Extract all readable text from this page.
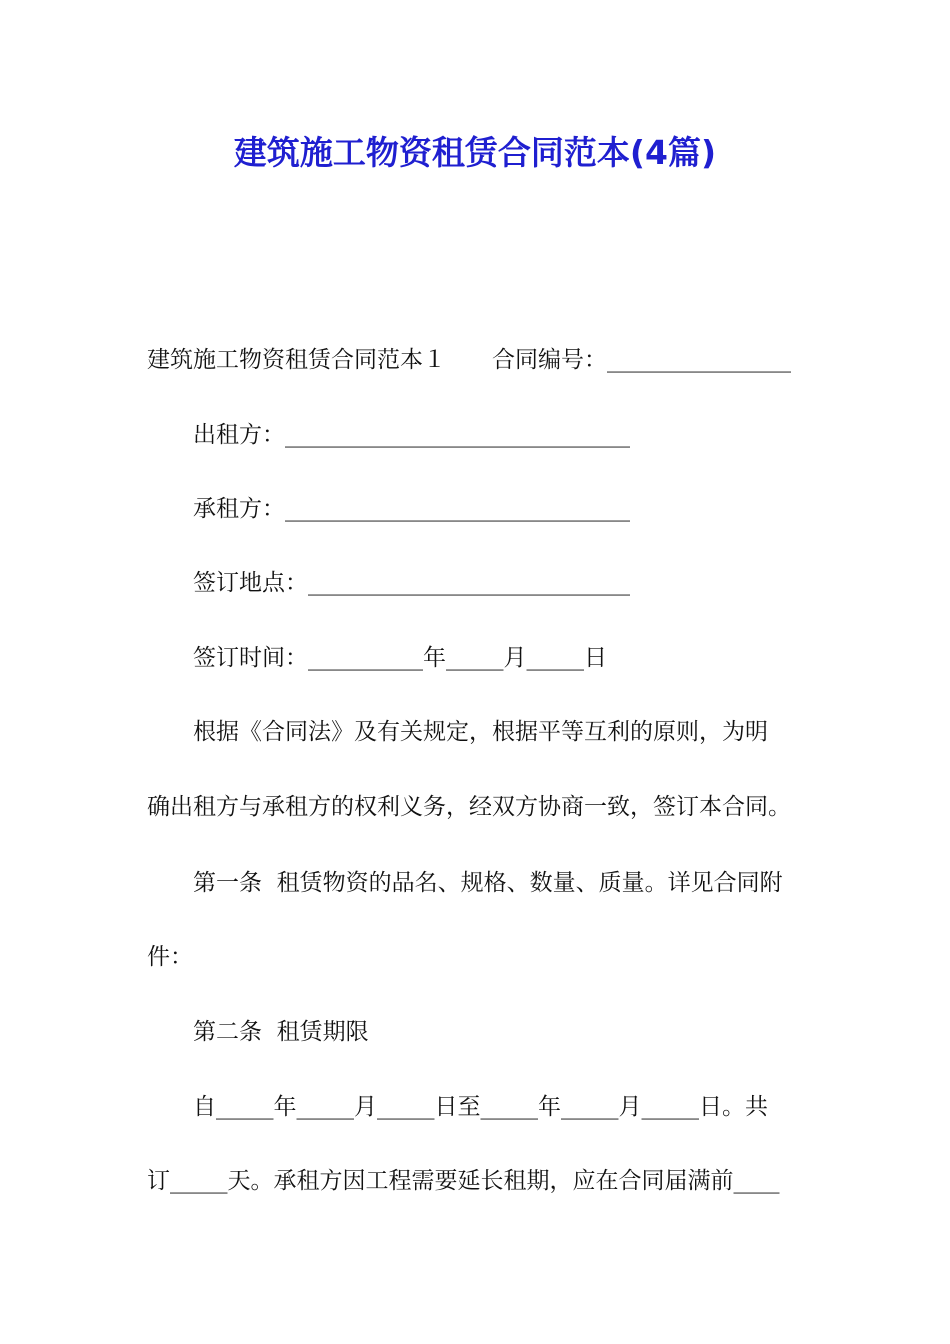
建筑施工物资租赁合同范本(4篇)
建筑施工物资租赁合同范本１　　合同编号：________________
出租方：______________________________
承租方：______________________________
签订地点：____________________________
签订时间：__________年_____月_____日
根据《合同法》及有关规定，根据平等互利的原则，为明
确出租方与承租方的权利义务，经双方协商一致，签订本合同。
第一条  租赁物资的品名、规格、数量、质量。详见合同附
件：
第二条  租赁期限
自_____年_____月_____日至_____年_____月_____日。共
订_____天。承租方因工程需要延长租期，应在合同届满前____
